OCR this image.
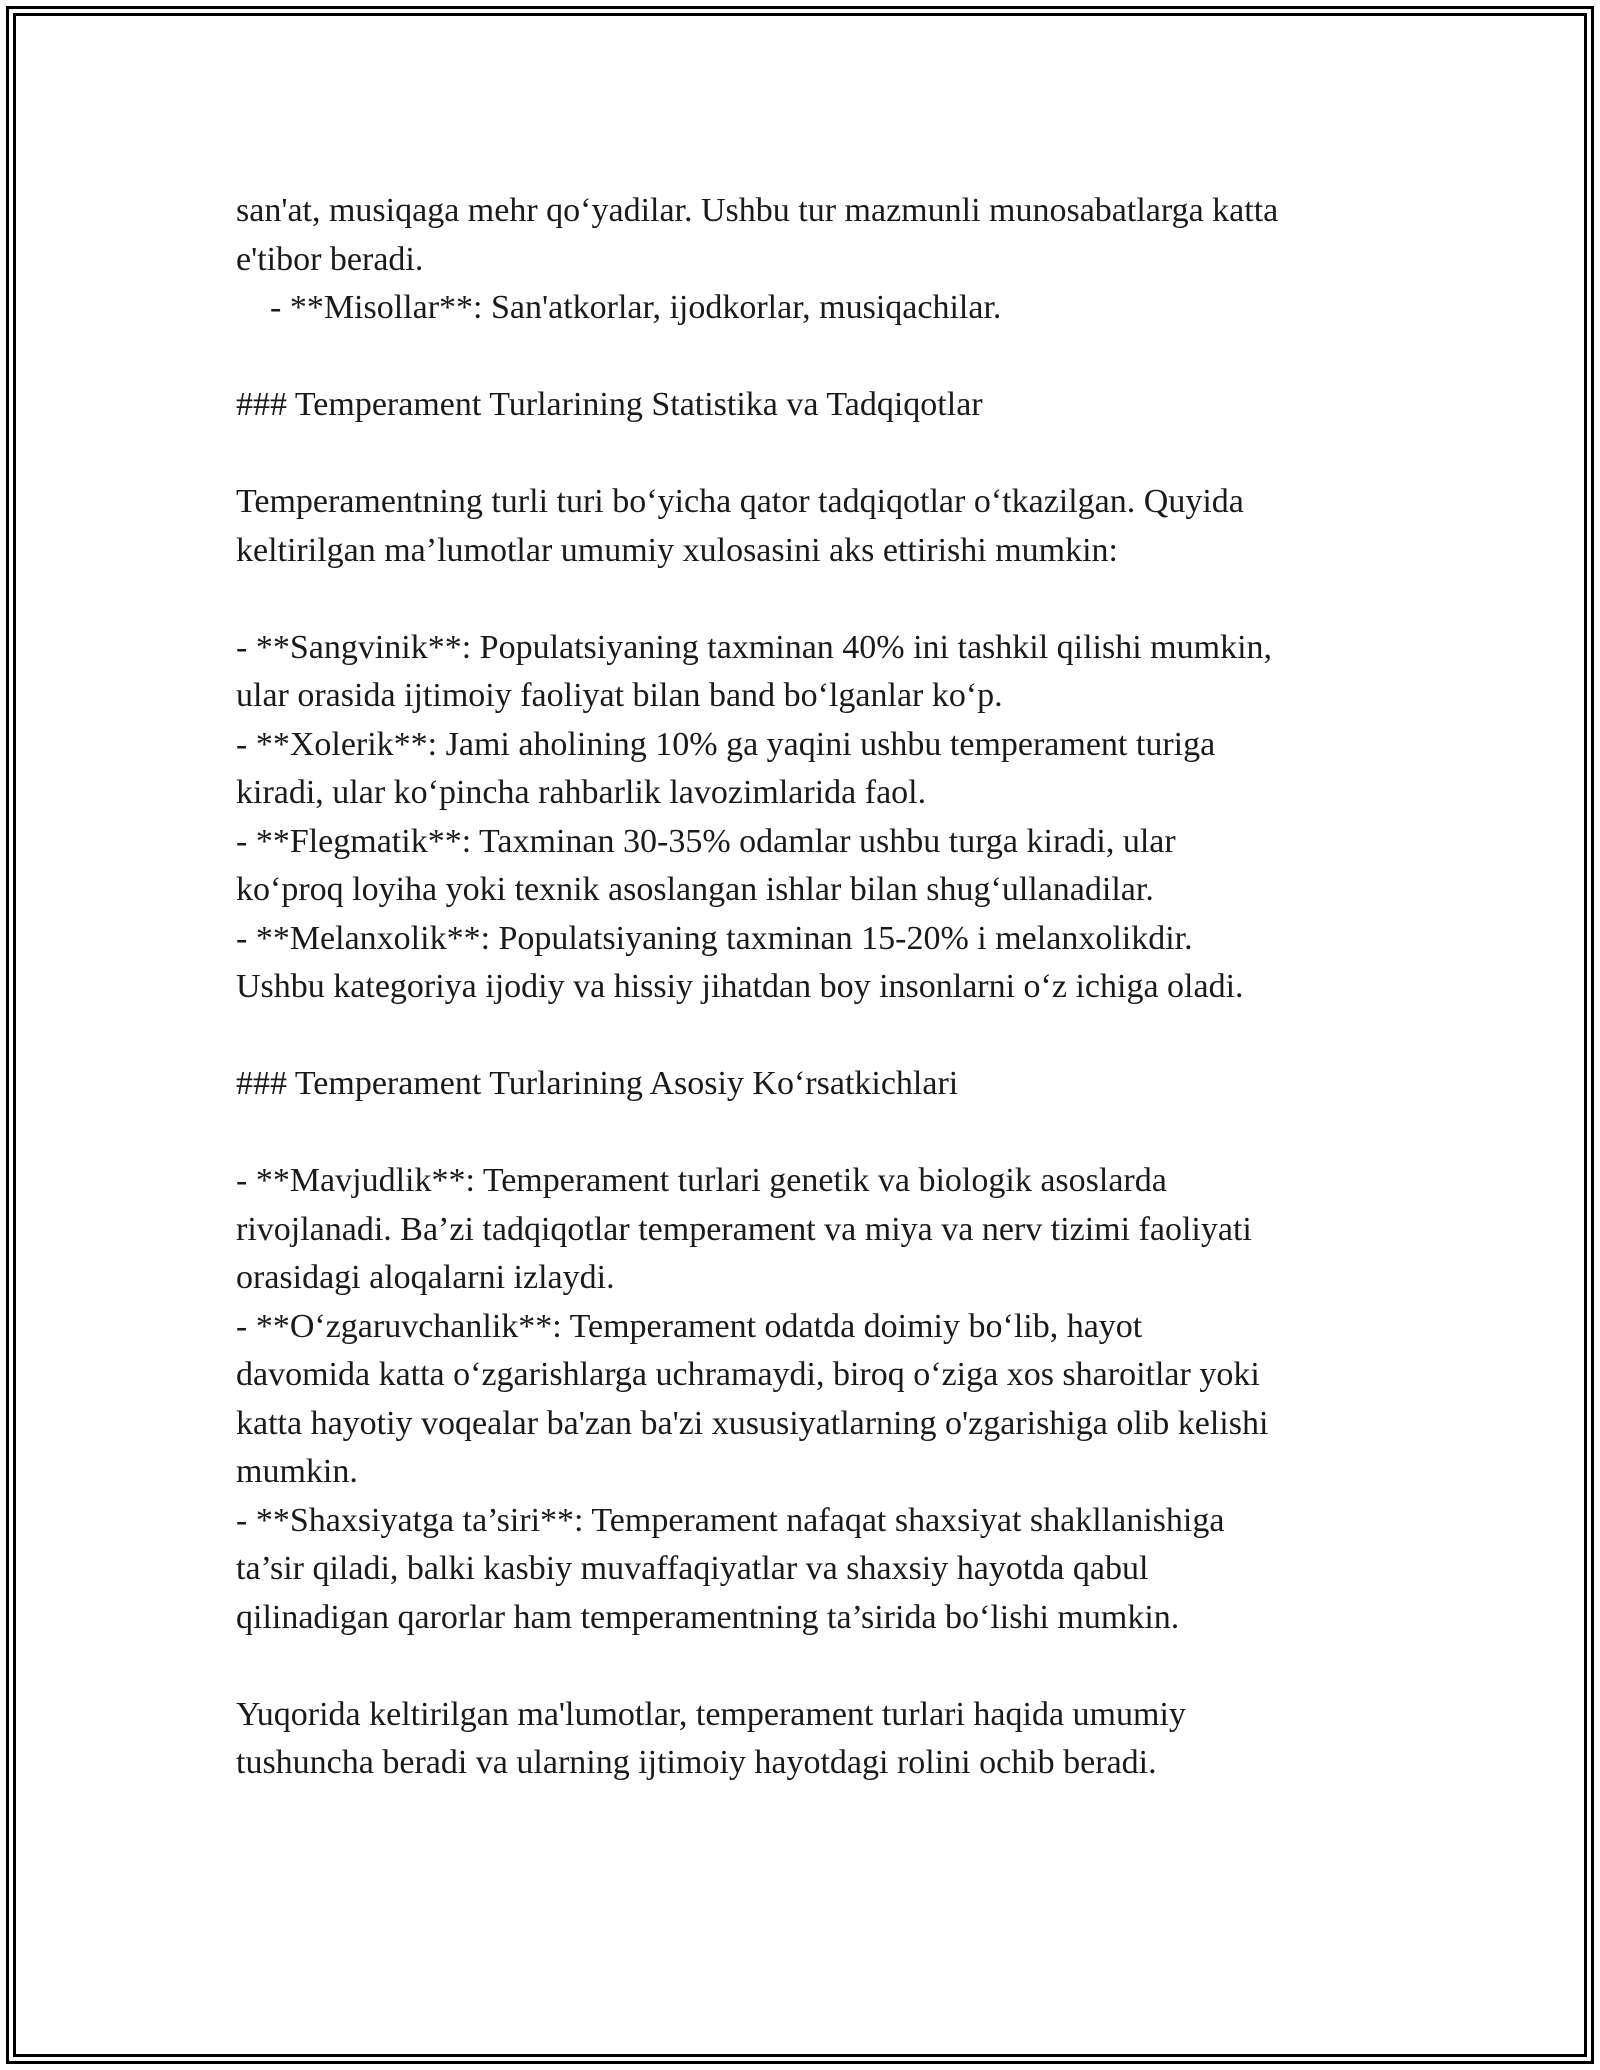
san'at, musiqaga mehr qo‘yadilar. Ushbu tur mazmunli munosabatlarga katta
e'tibor beradi.
- **Misollar**: San'atkorlar, ijodkorlar, musiqachilar.
### Temperament Turlarining Statistika va Tadqiqotlar
Temperamentning turli turi bo‘yicha qator tadqiqotlar o‘tkazilgan. Quyida
keltirilgan ma’lumotlar umumiy xulosasini aks ettirishi mumkin:
- **Sangvinik**: Populatsiyaning taxminan 40% ini tashkil qilishi mumkin,
ular orasida ijtimoiy faoliyat bilan band bo‘lganlar ko‘p.
- **Xolerik**: Jami aholining 10% ga yaqini ushbu temperament turiga
kiradi, ular ko‘pincha rahbarlik lavozimlarida faol.
- **Flegmatik**: Taxminan 30-35% odamlar ushbu turga kiradi, ular
ko‘proq loyiha yoki texnik asoslangan ishlar bilan shug‘ullanadilar.
- **Melanxolik**: Populatsiyaning taxminan 15-20% i melanxolikdir.
Ushbu kategoriya ijodiy va hissiy jihatdan boy insonlarni o‘z ichiga oladi.
### Temperament Turlarining Asosiy Ko‘rsatkichlari
- **Mavjudlik**: Temperament turlari genetik va biologik asoslarda
rivojlanadi. Ba’zi tadqiqotlar temperament va miya va nerv tizimi faoliyati
orasidagi aloqalarni izlaydi.
- **O‘zgaruvchanlik**: Temperament odatda doimiy bo‘lib, hayot
davomida katta o‘zgarishlarga uchramaydi, biroq o‘ziga xos sharoitlar yoki
katta hayotiy voqealar ba'zan ba'zi xususiyatlarning o'zgarishiga olib kelishi
mumkin.
- **Shaxsiyatga ta’siri**: Temperament nafaqat shaxsiyat shakllanishiga
ta’sir qiladi, balki kasbiy muvaffaqiyatlar va shaxsiy hayotda qabul
qilinadigan qarorlar ham temperamentning ta’sirida bo‘lishi mumkin.
Yuqorida keltirilgan ma'lumotlar, temperament turlari haqida umumiy
tushuncha beradi va ularning ijtimoiy hayotdagi rolini ochib beradi.
